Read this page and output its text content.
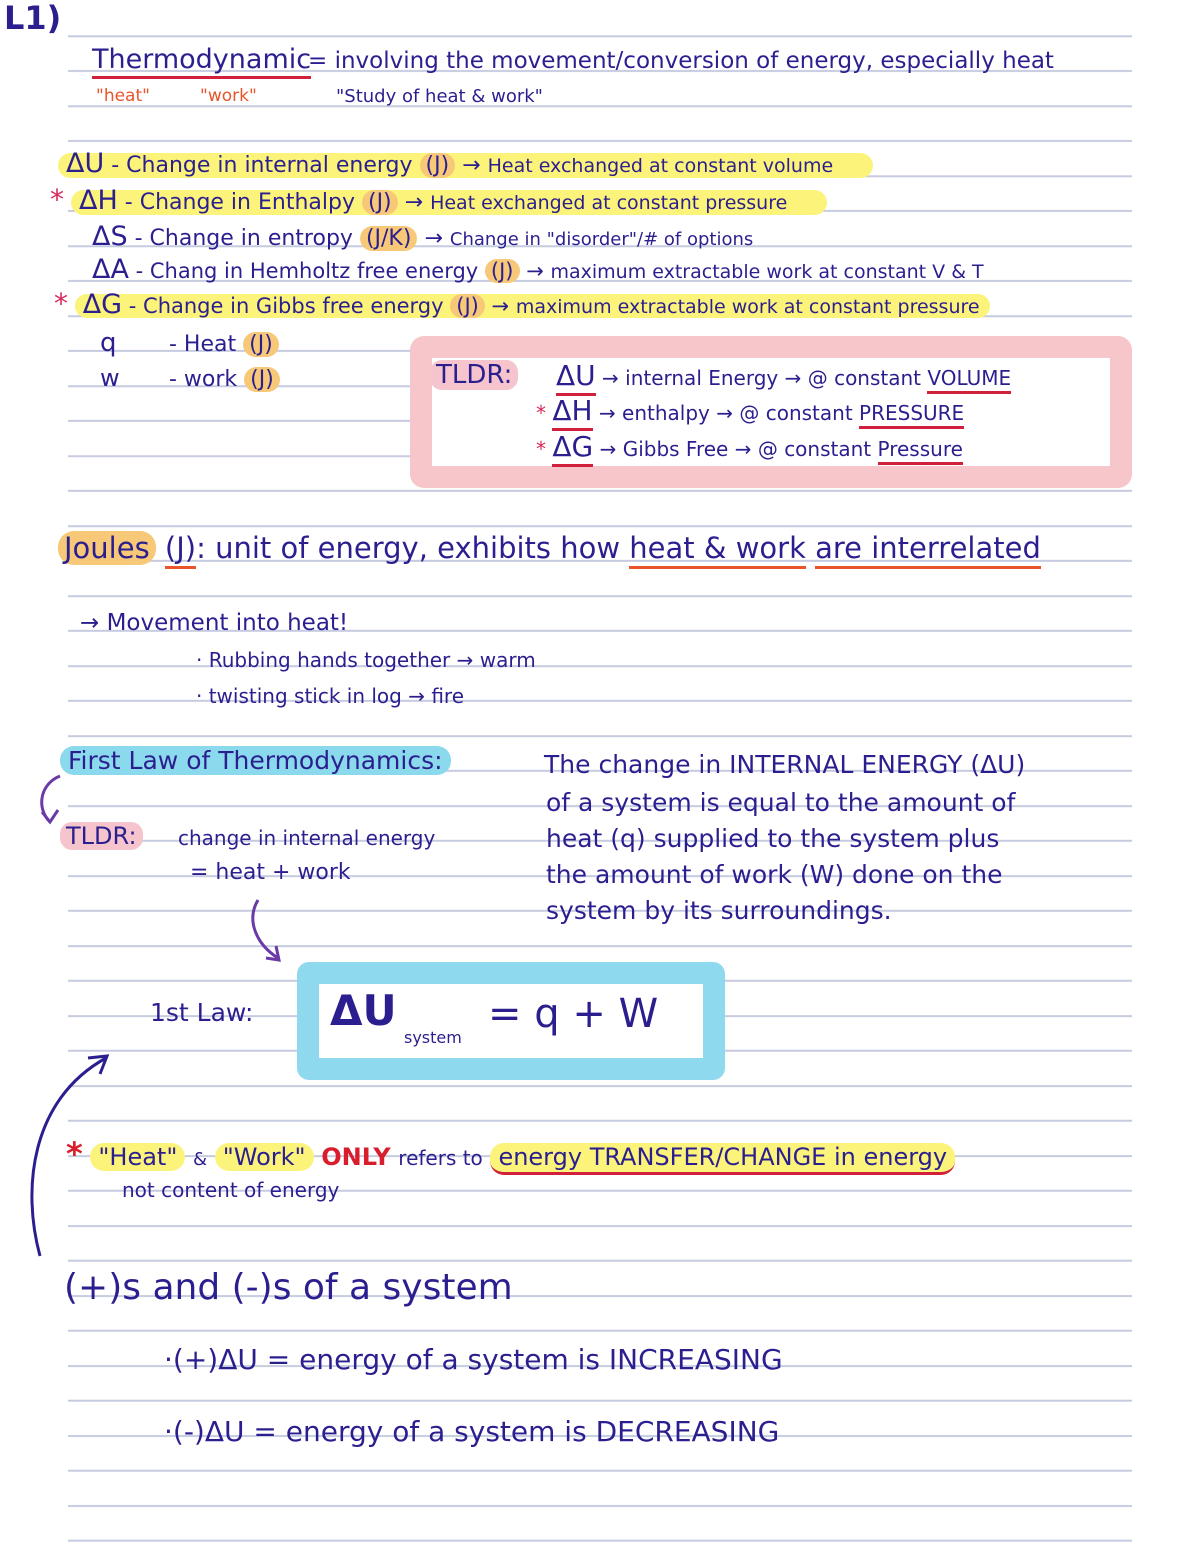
L1)
Thermodynamic
= involving the movement/conversion of energy, especially heat
"heat"	"work"	"Study of heat & work"
ΔU - Change in internal energy (J) → Heat exchanged at constant volume
* ΔH - Change in Enthalpy (J) → Heat exchanged at constant pressure
ΔS - Change in entropy (J/K) → Change in "disorder"/# of options
ΔA - Chang in Hemholtz free energy (J) → maximum extractable work at constant V & T
* ΔG - Change in Gibbs free energy (J) → maximum extractable work at constant pressure
q - Heat (J)
w - work (J)	TLDR: ΔU → internal Energy → @ constant VOLUME
* ΔH → enthalpy → @ constant PRESSURE
* ΔG → Gibbs Free → @ constant Pressure
Joules (J): unit of energy, exhibits how heat & work are interrelated
→ Movement into heat!
· Rubbing hands together → warm
· twisting stick in log → fire
First Law of Thermodynamics:	The change in INTERNAL ENERGY (ΔU)
of a system is equal to the amount of
heat (q) supplied to the system plus
the amount of work (W) done on the
system by its surroundings.
TLDR:	change in internal energy
= heat + work
1st Law: ΔU
system
= q + W
* "Heat" & "Work" ONLY refers to energy TRANSFER/CHANGE in energy
not content of energy
(+)s and (-)s of a system
·(+)ΔU = energy of a system is INCREASING
·(-)ΔU = energy of a system is DECREASING
